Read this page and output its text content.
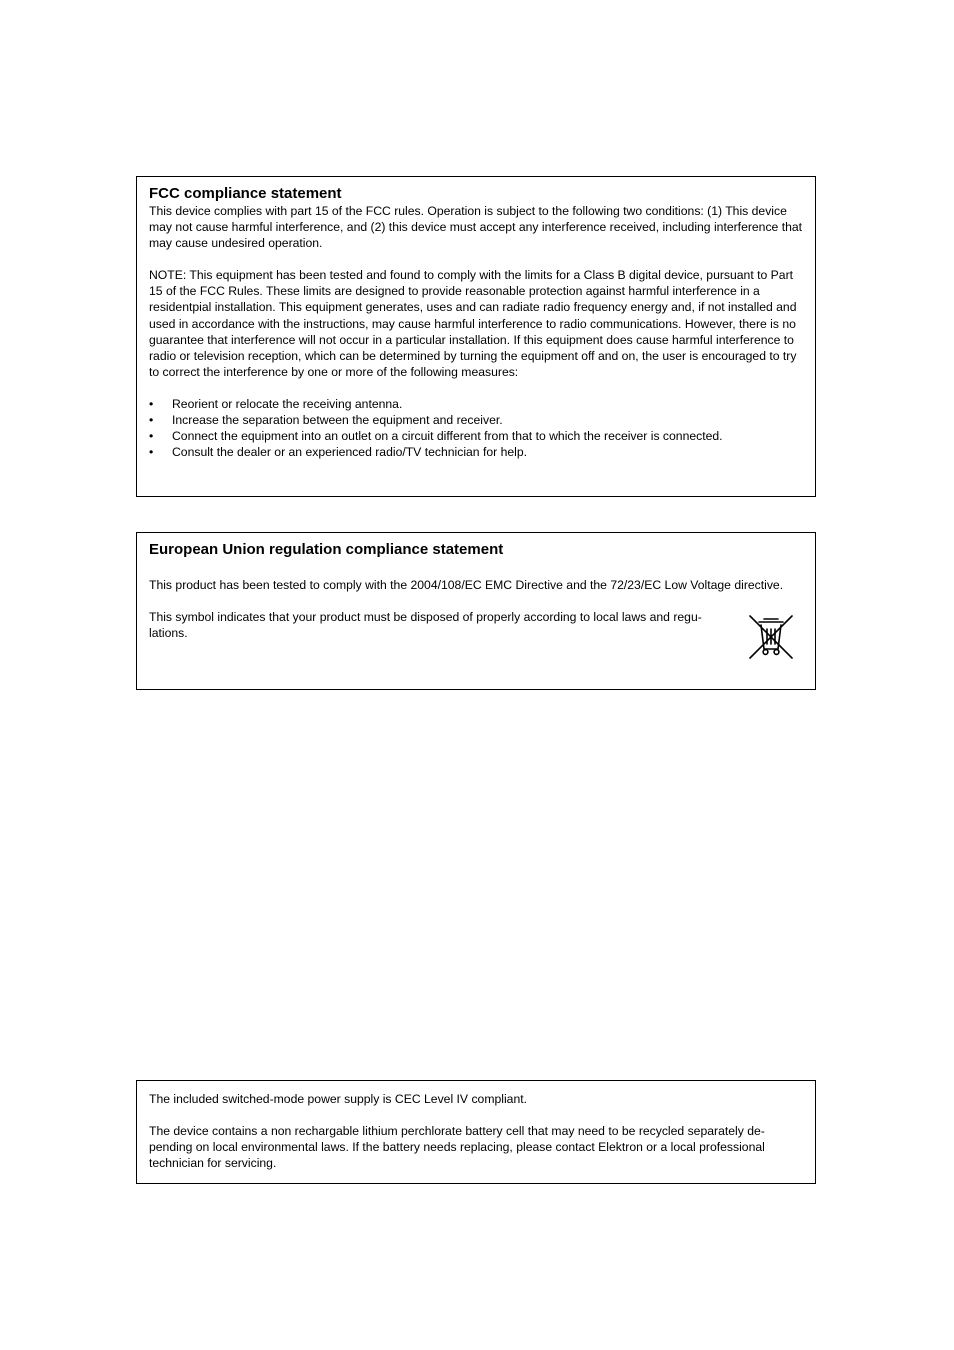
FCC compliance statement
This device complies with part 15 of the FCC rules. Operation is subject to the following two conditions: (1) This device may not cause harmful interference, and (2) this device must accept any interference received, including interference that may cause undesired operation.
NOTE: This equipment has been tested and found to comply with the limits for a Class B digital device, pursuant to Part 15 of the FCC Rules. These limits are designed to provide reasonable protection against harmful interference in a residentpial installation. This equipment generates, uses and can radiate radio frequency energy and, if not installed and used in accordance with the instructions, may cause harmful interference to radio communications. However, there is no guarantee that interference will not occur in a particular installation. If this equipment does cause harmful interference to radio or television reception, which can be determined by turning the equipment off and on, the user is encouraged to try to correct the interference by one or more of the following measures:
• Reorient or relocate the receiving antenna.
• Increase the separation between the equipment and receiver.
• Connect the equipment into an outlet on a circuit different from that to which the receiver is connected.
• Consult the dealer or an experienced radio/TV technician for help.
European Union regulation compliance statement
This product has been tested to comply with the 2004/108/EC EMC Directive and the 72/23/EC Low Voltage directive.
This symbol indicates that your product must be disposed of properly according to local laws and regu-lations.
The included switched-mode power supply is CEC Level IV compliant.
The device contains a non rechargable lithium perchlorate battery cell that may need to be recycled separately de-pending on local environmental laws. If the battery needs replacing, please contact Elektron or a local professional technician for servicing.
